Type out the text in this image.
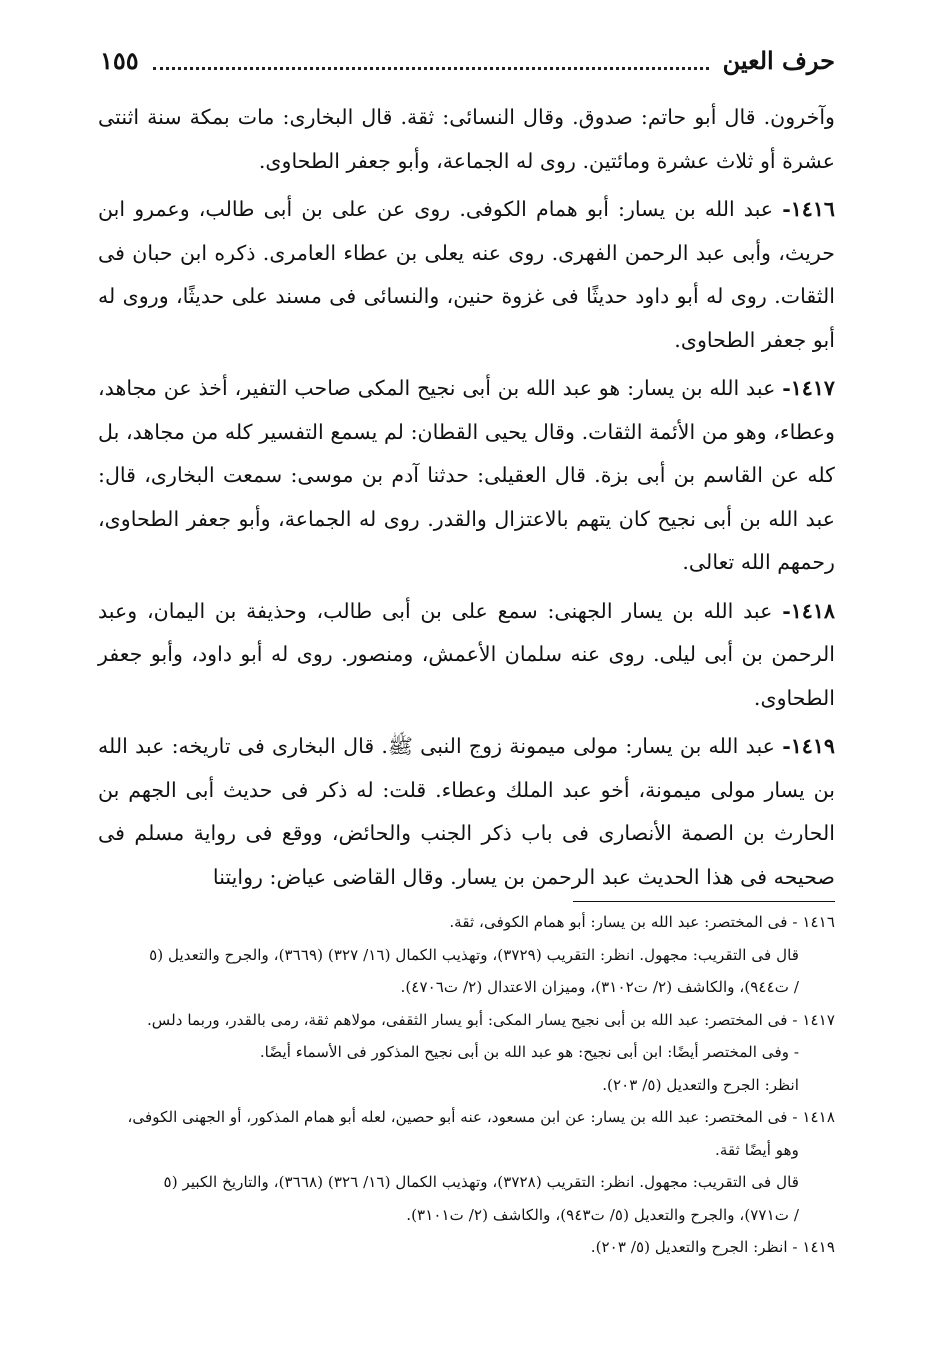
حرف العين
١٥٥

وآخرون. قال أبو حاتم: صدوق. وقال النسائى: ثقة. قال البخارى: مات بمكة سنة اثنتى عشرة أو ثلاث عشرة ومائتين. روى له الجماعة، وأبو جعفر الطحاوى.

١٤١٦- عبد الله بن يسار: أبو همام الكوفى. روى عن على بن أبى طالب، وعمرو ابن حريث، وأبى عبد الرحمن الفهرى. روى عنه يعلى بن عطاء العامرى. ذكره ابن حبان فى الثقات. روى له أبو داود حديثًا فى غزوة حنين، والنسائى فى مسند على حديثًا، وروى له أبو جعفر الطحاوى.

١٤١٧- عبد الله بن يسار: هو عبد الله بن أبى نجيح المكى صاحب التفير، أخذ عن مجاهد، وعطاء، وهو من الأئمة الثقات. وقال يحيى القطان: لم يسمع التفسير كله من مجاهد، بل كله عن القاسم بن أبى بزة. قال العقيلى: حدثنا آدم بن موسى: سمعت البخارى، قال: عبد الله بن أبى نجيح كان يتهم بالاعتزال والقدر. روى له الجماعة، وأبو جعفر الطحاوى، رحمهم الله تعالى.

١٤١٨- عبد الله بن يسار الجهنى: سمع على بن أبى طالب، وحذيفة بن اليمان، وعبد الرحمن بن أبى ليلى. روى عنه سلمان الأعمش، ومنصور. روى له أبو داود، وأبو جعفر الطحاوى.

١٤١٩- عبد الله بن يسار: مولى ميمونة زوج النبى ﷺ. قال البخارى فى تاريخه: عبد الله بن يسار مولى ميمونة، أخو عبد الملك وعطاء. قلت: له ذكر فى حديث أبى الجهم بن الحارث بن الصمة الأنصارى فى باب ذكر الجنب والحائض، ووقع فى رواية مسلم فى صحيحه فى هذا الحديث عبد الرحمن بن يسار. وقال القاضى عياض: روايتنا

١٤١٦ - فى المختصر: عبد الله بن يسار: أبو همام الكوفى، ثقة.

قال فى التقريب: مجهول. انظر: التقريب (٣٧٢٩)، وتهذيب الكمال (١٦/ ٣٢٧) (٣٦٦٩)، والجرح والتعديل (٥

/ ت٩٤٤)، والكاشف (٢/ ت٣١٠٢)، وميزان الاعتدال (٢/ ت٤٧٠٦).

١٤١٧ - فى المختصر: عبد الله بن أبى نجيح يسار المكى: أبو يسار الثقفى، مولاهم ثقة، رمى بالقدر، وربما دلس.

- وفى المختصر أيضًا: ابن أبى نجيح: هو عبد الله بن أبى نجيح المذكور فى الأسماء أيضًا.

انظر: الجرح والتعديل (٥/ ٢٠٣).

١٤١٨ - فى المختصر: عبد الله بن يسار: عن ابن مسعود، عنه أبو حصين، لعله أبو همام المذكور، أو الجهنى الكوفى،

وهو أيضًا ثقة.

قال فى التقريب: مجهول. انظر: التقريب (٣٧٢٨)، وتهذيب الكمال (١٦/ ٣٢٦) (٣٦٦٨)، والتاريخ الكبير (٥

/ ت٧٧١)، والجرح والتعديل (٥/ ت٩٤٣)، والكاشف (٢/ ت٣١٠١).

١٤١٩ - انظر: الجرح والتعديل (٥/ ٢٠٣).
